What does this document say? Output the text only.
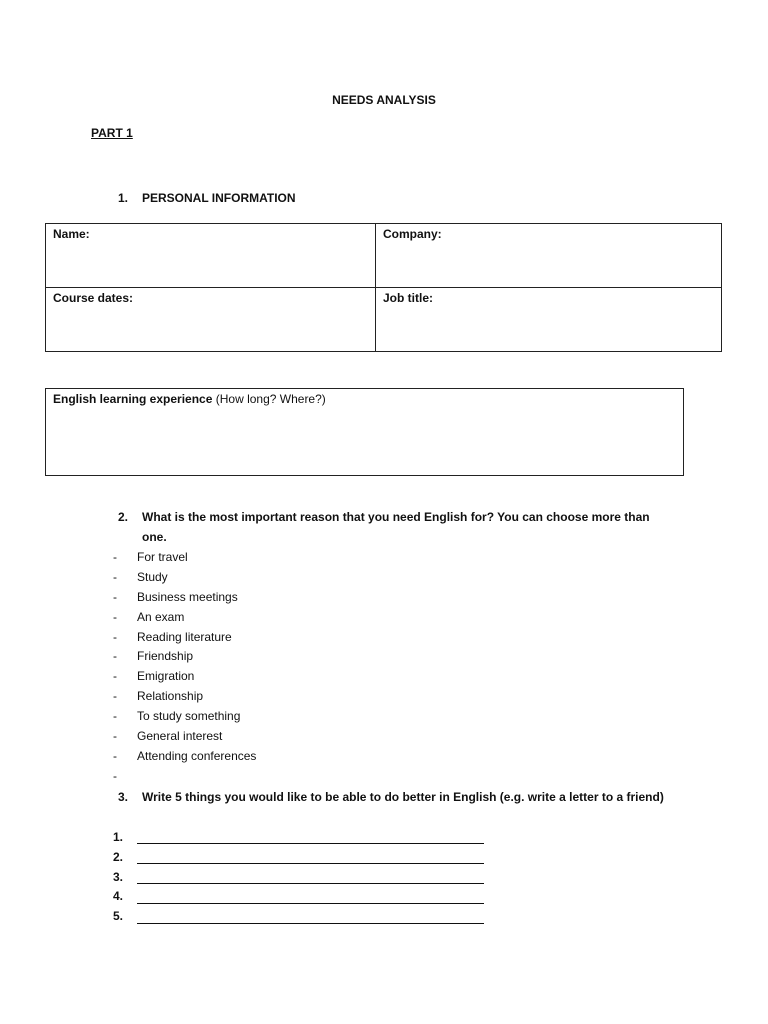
NEEDS ANALYSIS
PART 1
1. PERSONAL INFORMATION
Name:	Company:
Course dates:	Job title:
English learning experience (How long? Where?)
2. What is the most important reason that you need English for? You can choose more than one.
- For travel
- Study
- Business meetings
- An exam
- Reading literature
- Friendship
- Emigration
- Relationship
- To study something
- General interest
- Attending conferences
-
3. Write 5 things you would like to be able to do better in English (e.g. write a letter to a friend)
1.
2.
3.
4.
5.
